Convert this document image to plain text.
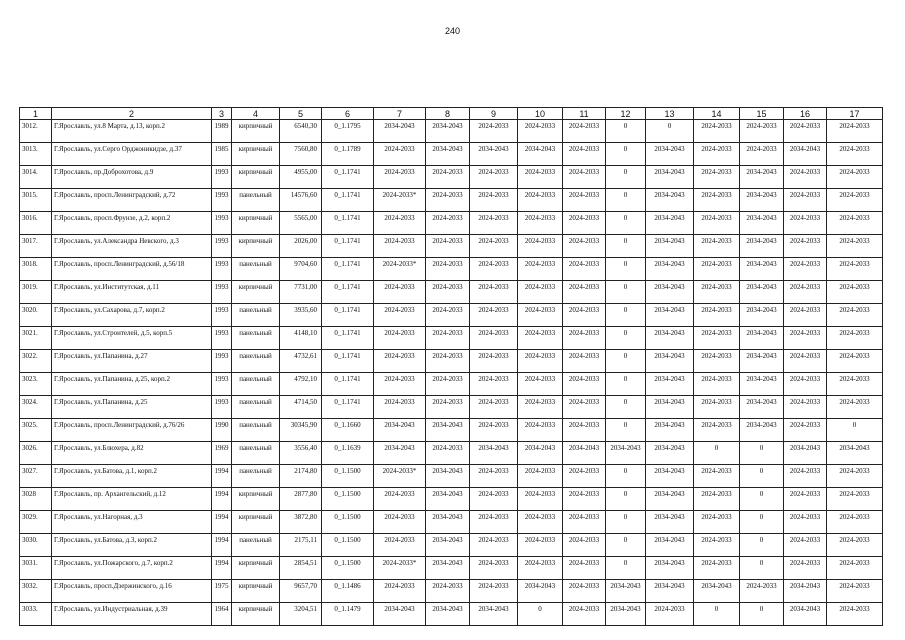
240
1	2	3	4	5	6	7	8	9	10	11	12	13	14	15	16	17
3012.	Г.Ярославль, ул.8 Марта, д.13, корп.2	1989	кирпичный	6540,30	0_1.1795	2034-2043	2034-2043	2024-2033	2024-2033	2024-2033	0	0	2024-2033	2024-2033	2024-2033	2024-2033
3013.	Г.Ярославль, ул.Серго Орджоникидзе, д.37	1985	кирпичный	7560,80	0_1.1789	2024-2033	2034-2043	2034-2043	2034-2043	2024-2033	0	2034-2043	2024-2033	2024-2033	2034-2043	2024-2033
3014.	Г.Ярославль, пр.Доброхотова, д.9	1993	кирпичный	4955,00	0_1.1741	2024-2033	2024-2033	2024-2033	2024-2033	2024-2033	0	2034-2043	2024-2033	2034-2043	2024-2033	2024-2033
3015.	Г.Ярославль, просп.Ленинградский, д.72	1993	панельный	14576,60	0_1.1741	2024-2033*	2024-2033	2024-2033	2024-2033	2024-2033	0	2034-2043	2024-2033	2034-2043	2024-2033	2024-2033
3016.	Г.Ярославль, просп.Фрунзе, д.2, корп.2	1993	кирпичный	5565,00	0_1.1741	2024-2033	2024-2033	2024-2033	2024-2033	2024-2033	0	2034-2043	2024-2033	2034-2043	2024-2033	2024-2033
3017.	Г.Ярославль, ул.Александра Невского, д.3	1993	кирпичный	2026,00	0_1.1741	2024-2033	2024-2033	2024-2033	2024-2033	2024-2033	0	2034-2043	2024-2033	2034-2043	2024-2033	2024-2033
3018.	Г.Ярославль, просп.Ленинградский, д.56/18	1993	панельный	9704,60	0_1.1741	2024-2033*	2024-2033	2024-2033	2024-2033	2024-2033	0	2034-2043	2024-2033	2034-2043	2024-2033	2024-2033
3019.	Г.Ярославль, ул.Институтская, д.11	1993	кирпичный	7731,00	0_1.1741	2024-2033	2024-2033	2024-2033	2024-2033	2024-2033	0	2034-2043	2024-2033	2034-2043	2024-2033	2024-2033
3020.	Г.Ярославль, ул.Сахарова, д.7, корп.2	1993	панельный	3935,60	0_1.1741	2024-2033	2024-2033	2024-2033	2024-2033	2024-2033	0	2034-2043	2024-2033	2034-2043	2024-2033	2024-2033
3021.	Г.Ярославль, ул.Строителей, д.5, корп.5	1993	панельный	4148,10	0_1.1741	2024-2033	2024-2033	2024-2033	2024-2033	2024-2033	0	2034-2043	2024-2033	2034-2043	2024-2033	2024-2033
3022.	Г.Ярославль, ул.Папанина, д.27	1993	панельный	4732,61	0_1.1741	2024-2033	2024-2033	2024-2033	2024-2033	2024-2033	0	2034-2043	2024-2033	2034-2043	2024-2033	2024-2033
3023.	Г.Ярославль, ул.Папанина, д.25, корп.2	1993	панельный	4792,10	0_1.1741	2024-2033	2024-2033	2024-2033	2024-2033	2024-2033	0	2034-2043	2024-2033	2034-2043	2024-2033	2024-2033
3024.	Г.Ярославль, ул.Папанина, д.25	1993	панельный	4714,50	0_1.1741	2024-2033	2024-2033	2024-2033	2024-2033	2024-2033	0	2034-2043	2024-2033	2034-2043	2024-2033	2024-2033
3025.	Г.Ярославль, просп.Ленинградский, д.76/26	1990	панельный	30345,90	0_1.1660	2034-2043	2034-2043	2024-2033	2024-2033	2024-2033	0	2034-2043	2024-2033	2034-2043	2024-2033	0
3026.	Г.Ярославль, ул.Блюхера, д.82	1969	панельный	3556,40	0_1.1639	2034-2043	2024-2033	2034-2043	2034-2043	2034-2043	2034-2043	2034-2043	0	0	2034-2043	2034-2043
3027.	Г.Ярославль, ул.Батова, д.1, корп.2	1994	панельный	2174,80	0_1.1500	2024-2033*	2034-2043	2024-2033	2024-2033	2024-2033	0	2034-2043	2024-2033	0	2024-2033	2024-2033
3028	Г.Ярославль, пр. Архангельский, д.12	1994	кирпичный	2877,80	0_1.1500	2024-2033	2034-2043	2024-2033	2024-2033	2024-2033	0	2034-2043	2024-2033	0	2024-2033	2024-2033
3029.	Г.Ярославль, ул.Нагорная, д.3	1994	кирпичный	3872,80	0_1.1500	2024-2033	2034-2043	2024-2033	2024-2033	2024-2033	0	2034-2043	2024-2033	0	2024-2033	2024-2033
3030.	Г.Ярославль, ул.Батова, д.3, корп.2	1994	панельный	2175,11	0_1.1500	2024-2033	2034-2043	2024-2033	2024-2033	2024-2033	0	2034-2043	2024-2033	0	2024-2033	2024-2033
3031.	Г.Ярославль, ул.Пожарского, д.7, корп.2	1994	кирпичный	2854,51	0_1.1500	2024-2033*	2034-2043	2024-2033	2024-2033	2024-2033	0	2034-2043	2024-2033	0	2024-2033	2024-2033
3032.	Г.Ярославль, просп.Дзержинского, д.16	1975	кирпичный	9657,70	0_1.1486	2024-2033	2024-2033	2024-2033	2034-2043	2024-2033	2034-2043	2034-2043	2034-2043	2024-2033	2034-2043	2024-2033
3033.	Г.Ярославль, ул.Индустриальная, д.39	1964	кирпичный	3204,51	0_1.1479	2034-2043	2034-2043	2034-2043	0	2024-2033	2034-2043	2024-2033	0	0	2034-2043	2024-2033
